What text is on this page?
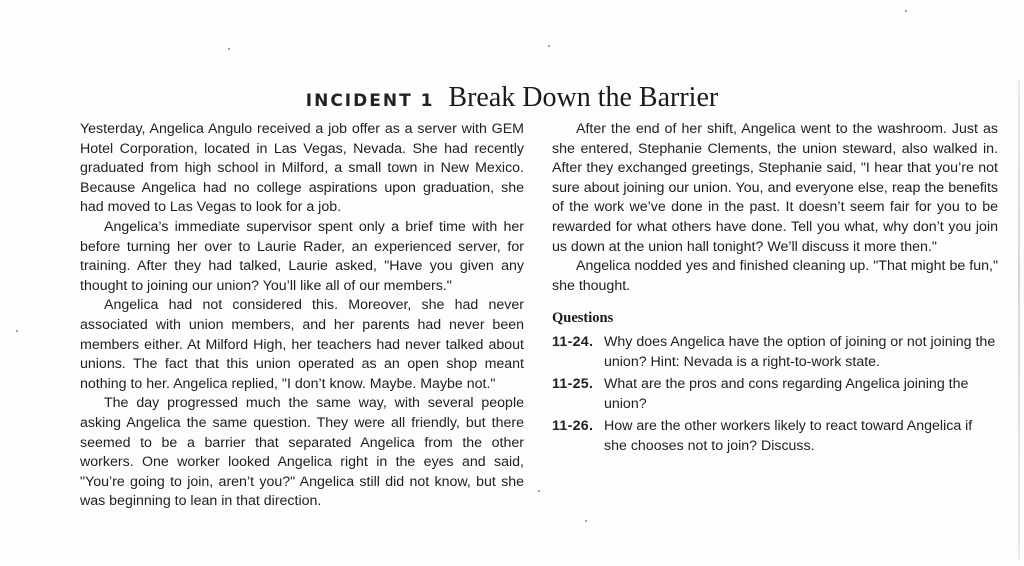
INCIDENT 1 Break Down the Barrier

Yesterday, Angelica Angulo received a job offer as a server with GEM Hotel Corporation, located in Las Vegas, Nevada. She had recently graduated from high school in Milford, a small town in New Mexico. Because Angelica had no college aspirations upon graduation, she had moved to Las Vegas to look for a job.

Angelica’s immediate supervisor spent only a brief time with her before turning her over to Laurie Rader, an experienced server, for training. After they had talked, Laurie asked, "Have you given any thought to joining our union? You’ll like all of our members."

Angelica had not considered this. Moreover, she had never associated with union members, and her parents had never been members either. At Milford High, her teachers had never talked about unions. The fact that this union operated as an open shop meant nothing to her. Angelica replied, "I don’t know. Maybe. Maybe not."

The day progressed much the same way, with several people asking Angelica the same question. They were all friendly, but there seemed to be a barrier that separated Angelica from the other workers. One worker looked Angelica right in the eyes and said, "You’re going to join, aren’t you?" Angelica still did not know, but she was beginning to lean in that direction.

After the end of her shift, Angelica went to the washroom. Just as she entered, Stephanie Clements, the union steward, also walked in. After they exchanged greetings, Stephanie said, "I hear that you’re not sure about joining our union. You, and everyone else, reap the benefits of the work we’ve done in the past. It doesn’t seem fair for you to be rewarded for what others have done. Tell you what, why don’t you join us down at the union hall tonight? We’ll discuss it more then."

Angelica nodded yes and finished cleaning up. "That might be fun," she thought.

Questions
11-24. Why does Angelica have the option of joining or not joining the union? Hint: Nevada is a right-to-work state.
11-25. What are the pros and cons regarding Angelica joining the union?
11-26. How are the other workers likely to react toward Angelica if she chooses not to join? Discuss.
